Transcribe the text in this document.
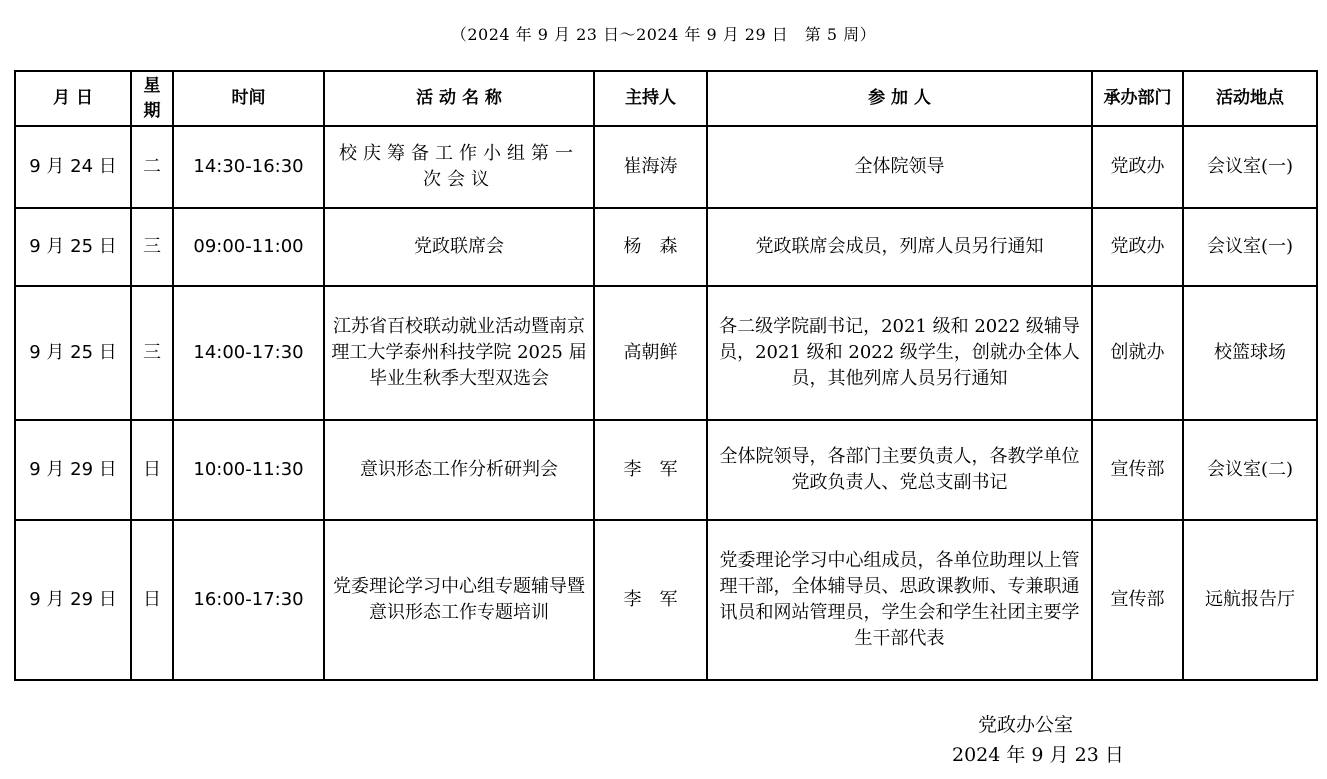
（2024 年 9 月 23 日～2024 年 9 月 29 日　第 5 周）
月 日	星期	时间	活 动 名 称	主持人	参 加 人	承办部门	活动地点
9 月 24 日	二	14:30-16:30	校庆筹备工作小组第一次会议	崔海涛	全体院领导	党政办	会议室(一)
9 月 25 日	三	09:00-11:00	党政联席会	杨　森	党政联席会成员，列席人员另行通知	党政办	会议室(一)
9 月 25 日	三	14:00-17:30	江苏省百校联动就业活动暨南京理工大学泰州科技学院 2025 届毕业生秋季大型双选会	高朝鲜	各二级学院副书记，2021 级和 2022 级辅导员，2021 级和 2022 级学生，创就办全体人员，其他列席人员另行通知	创就办	校篮球场
9 月 29 日	日	10:00-11:30	意识形态工作分析研判会	李　军	全体院领导，各部门主要负责人，各教学单位党政负责人、党总支副书记	宣传部	会议室(二)
9 月 29 日	日	16:00-17:30	党委理论学习中心组专题辅导暨意识形态工作专题培训	李　军	党委理论学习中心组成员，各单位助理以上管理干部，全体辅导员、思政课教师、专兼职通讯员和网站管理员，学生会和学生社团主要学生干部代表	宣传部	远航报告厅
党政办公室
2024 年 9 月 23 日
